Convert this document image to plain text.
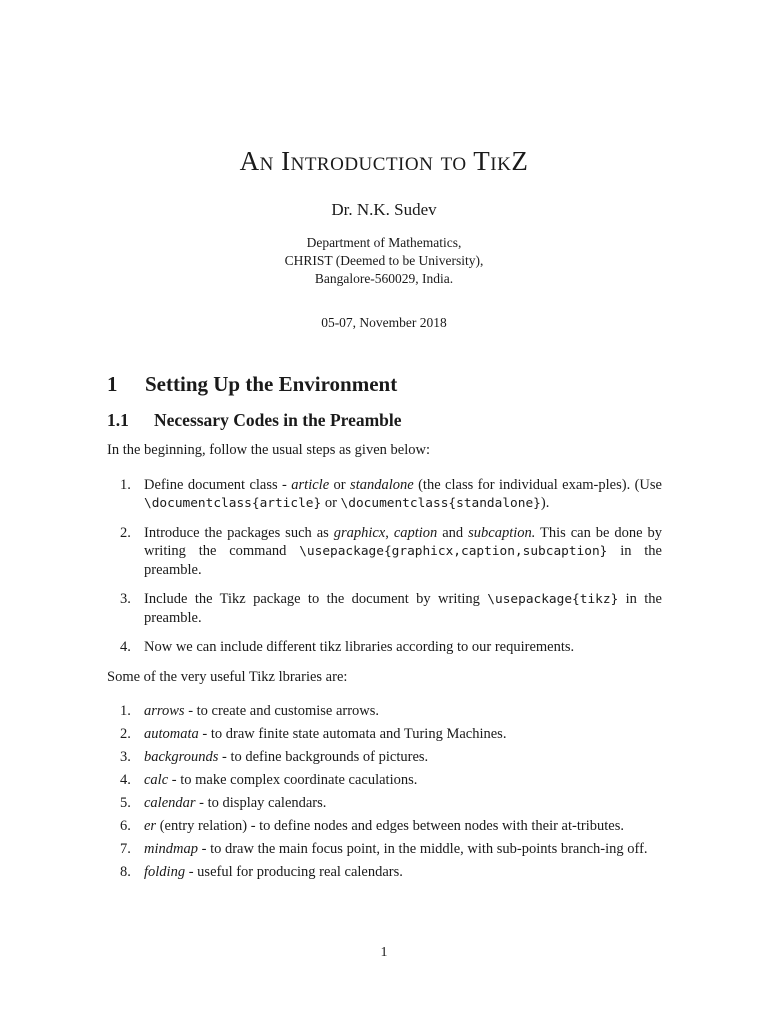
An Introduction to TikZ
Dr. N.K. Sudev
Department of Mathematics,
CHRIST (Deemed to be University),
Bangalore-560029, India.
05-07, November 2018
1 Setting Up the Environment
1.1 Necessary Codes in the Preamble

In the beginning, follow the usual steps as given below:

1. Define document class - article or standalone (the class for individual exam-ples). (Use \documentclass{article} or \documentclass{standalone}).
2. Introduce the packages such as graphicx, caption and subcaption. This can be done by writing the command \usepackage{graphicx,caption,subcaption} in the preamble.
3. Include the Tikz package to the document by writing \usepackage{tikz} in the preamble.
4. Now we can include different tikz libraries according to our requirements.

Some of the very useful Tikz lbraries are:

1. arrows - to create and customise arrows.
2. automata - to draw finite state automata and Turing Machines.
3. backgrounds - to define backgrounds of pictures.
4. calc - to make complex coordinate caculations.
5. calendar - to display calendars.
6. er (entry relation) - to define nodes and edges between nodes with their at-tributes.
7. mindmap - to draw the main focus point, in the middle, with sub-points branch-ing off.
8. folding - useful for producing real calendars.
1
